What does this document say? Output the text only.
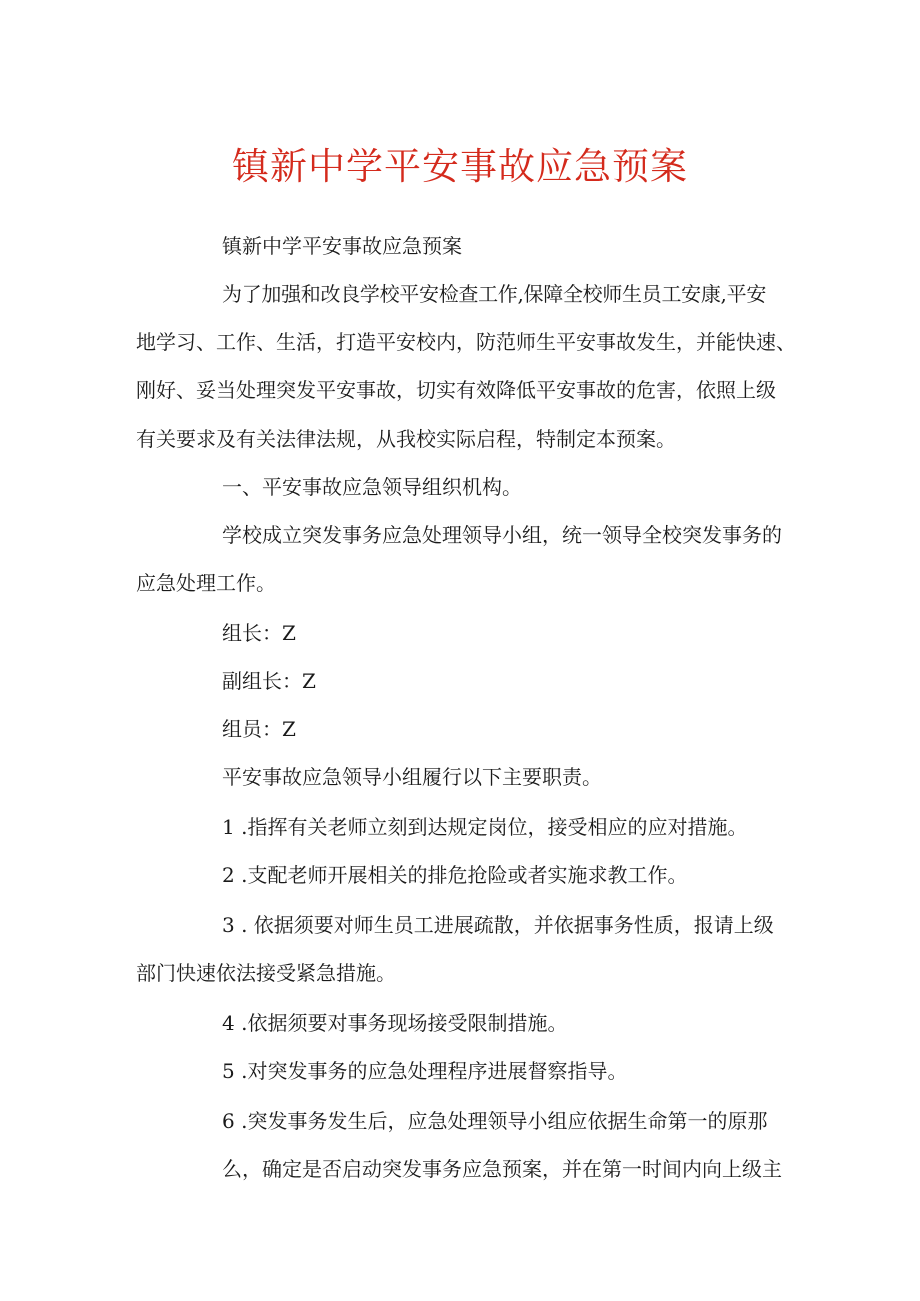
镇新中学平安事故应急预案
镇新中学平安事故应急预案
为了加强和改良学校平安检查工作,保障全校师生员工安康,平安
地学习、工作、生活，打造平安校内，防范师生平安事故发生，并能快速、
刚好、妥当处理突发平安事故，切实有效降低平安事故的危害，依照上级
有关要求及有关法律法规，从我校实际启程，特制定本预案。
一、平安事故应急领导组织机构。
学校成立突发事务应急处理领导小组，统一领导全校突发事务的
应急处理工作。
组长：Z
副组长：Z
组员：Z
平安事故应急领导小组履行以下主要职责。
1 .指挥有关老师立刻到达规定岗位，接受相应的应对措施。
2 .支配老师开展相关的排危抢险或者实施求教工作。
3 . 依据须要对师生员工进展疏散，并依据事务性质，报请上级
部门快速依法接受紧急措施。
4 .依据须要对事务现场接受限制措施。
5 .对突发事务的应急处理程序进展督察指导。
6 .突发事务发生后，应急处理领导小组应依据生命第一的原那
么，确定是否启动突发事务应急预案，并在第一时间内向上级主
